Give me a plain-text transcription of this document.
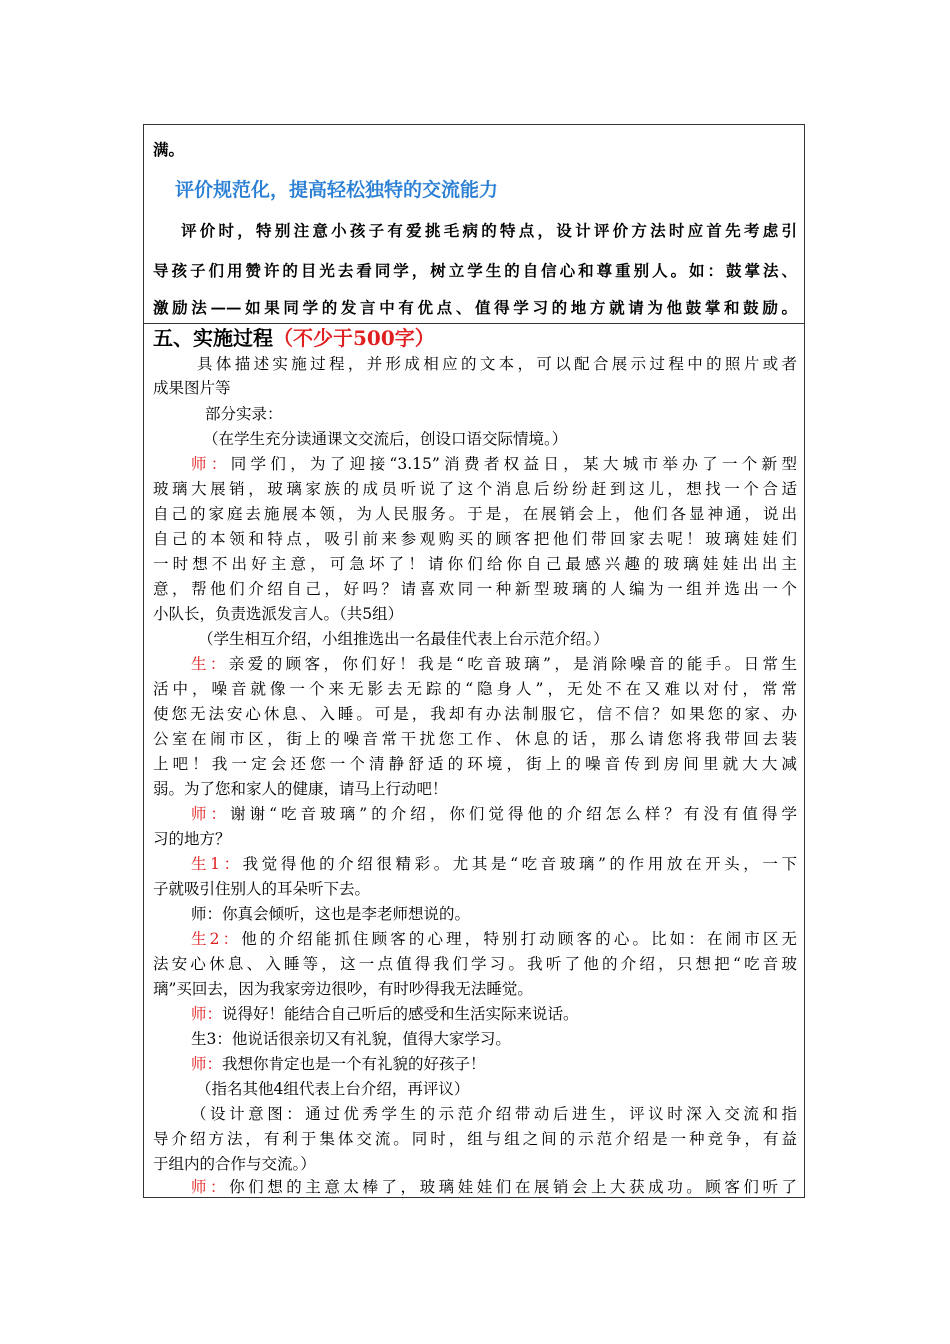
满。
评价规范化，提高轻松独特的交流能力
评价时，特别注意小孩子有爱挑毛病的特点，设计评价方法时应首先考虑引
导孩子们用赞许的目光去看同学，树立学生的自信心和尊重别人。如：鼓掌法、
激励法——如果同学的发言中有优点、值得学习的地方就请为他鼓掌和鼓励。
五、实施过程（不少于500字）
具体描述实施过程，并形成相应的文本，可以配合展示过程中的照片或者
成果图片等
部分实录：
（在学生充分读通课文交流后，创设口语交际情境。）
师：同学们，为了迎接“3.15”消费者权益日，某大城市举办了一个新型
玻璃大展销，玻璃家族的成员听说了这个消息后纷纷赶到这儿，想找一个合适
自己的家庭去施展本领，为人民服务。于是，在展销会上，他们各显神通，说出
自己的本领和特点，吸引前来参观购买的顾客把他们带回家去呢！玻璃娃娃们
一时想不出好主意，可急坏了！请你们给你自己最感兴趣的玻璃娃娃出出主
意，帮他们介绍自己，好吗？请喜欢同一种新型玻璃的人编为一组并选出一个
小队长，负责选派发言人。（共5组）
（学生相互介绍，小组推选出一名最佳代表上台示范介绍。）
生：亲爱的顾客，你们好！我是“吃音玻璃”，是消除噪音的能手。日常生
活中，噪音就像一个来无影去无踪的“隐身人”，无处不在又难以对付，常常
使您无法安心休息、入睡。可是，我却有办法制服它，信不信？如果您的家、办
公室在闹市区，街上的噪音常干扰您工作、休息的话，那么请您将我带回去装
上吧！我一定会还您一个清静舒适的环境，街上的噪音传到房间里就大大减
弱。为了您和家人的健康，请马上行动吧！
师：谢谢“吃音玻璃”的介绍，你们觉得他的介绍怎么样？有没有值得学
习的地方？
生1：我觉得他的介绍很精彩。尤其是“吃音玻璃”的作用放在开头，一下
子就吸引住别人的耳朵听下去。
师：你真会倾听，这也是李老师想说的。
生2：他的介绍能抓住顾客的心理，特别打动顾客的心。比如：在闹市区无
法安心休息、入睡等，这一点值得我们学习。我听了他的介绍，只想把“吃音玻
璃”买回去，因为我家旁边很吵，有时吵得我无法睡觉。
师：说得好！能结合自己听后的感受和生活实际来说话。
生3：他说话很亲切又有礼貌，值得大家学习。
师：我想你肯定也是一个有礼貌的好孩子！
（指名其他4组代表上台介绍，再评议）
（设计意图：通过优秀学生的示范介绍带动后进生，评议时深入交流和指
导介绍方法，有利于集体交流。同时，组与组之间的示范介绍是一种竞争，有益
于组内的合作与交流。）
师：你们想的主意太棒了，玻璃娃娃们在展销会上大获成功。顾客们听了
